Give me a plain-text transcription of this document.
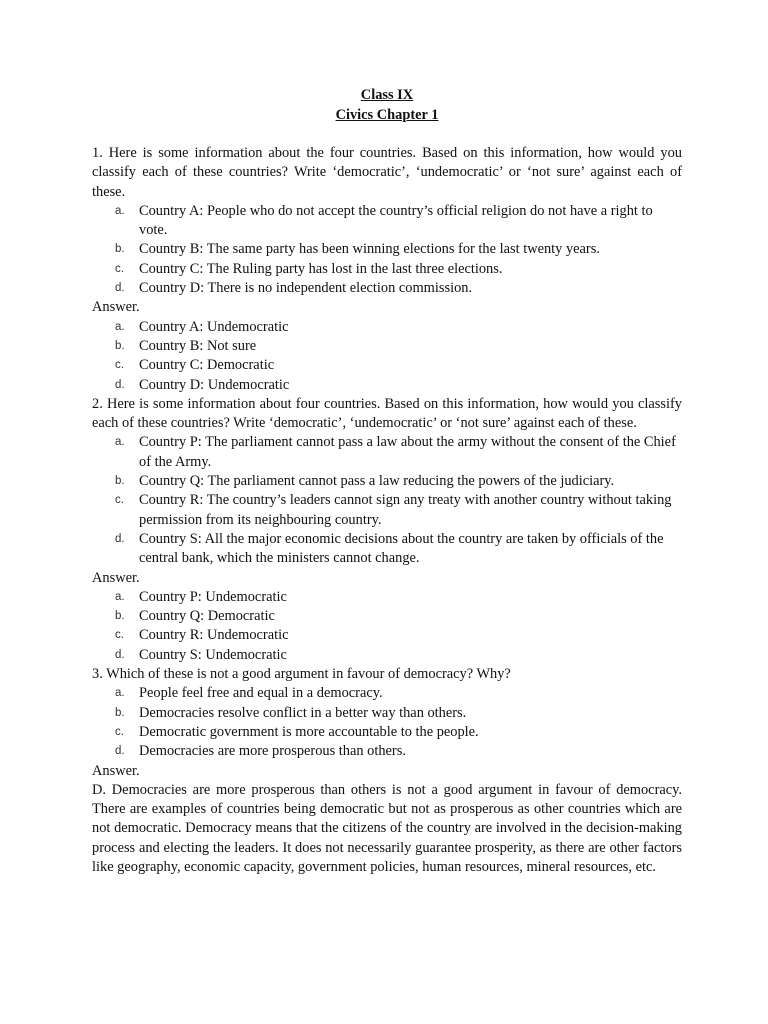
Class IX

Civics Chapter 1

1. Here is some information about the four countries. Based on this information, how would you classify each of these countries? Write ‘democratic’, ‘undemocratic’ or ‘not sure’ against each of these.

a. Country A: People who do not accept the country’s official religion do not have a right to vote.
b. Country B: The same party has been winning elections for the last twenty years.
c. Country C: The Ruling party has lost in the last three elections.
d. Country D: There is no independent election commission.

Answer.

a. Country A: Undemocratic
b. Country B: Not sure
c. Country C: Democratic
d. Country D: Undemocratic

2. Here is some information about four countries. Based on this information, how would you classify each of these countries? Write ‘democratic’, ‘undemocratic’ or ‘not sure’ against each of these.

a. Country P: The parliament cannot pass a law about the army without the consent of the Chief of the Army.
b. Country Q: The parliament cannot pass a law reducing the powers of the judiciary.
c. Country R: The country’s leaders cannot sign any treaty with another country without taking permission from its neighbouring country.
d. Country S: All the major economic decisions about the country are taken by officials of the central bank, which the ministers cannot change.

Answer.

a. Country P: Undemocratic
b. Country Q: Democratic
c. Country R: Undemocratic
d. Country S: Undemocratic

3. Which of these is not a good argument in favour of democracy? Why?

a. People feel free and equal in a democracy.
b. Democracies resolve conflict in a better way than others.
c. Democratic government is more accountable to the people.
d. Democracies are more prosperous than others.

Answer.

D. Democracies are more prosperous than others is not a good argument in favour of democracy. There are examples of countries being democratic but not as prosperous as other countries which are not democratic. Democracy means that the citizens of the country are involved in the decision-making process and electing the leaders. It does not necessarily guarantee prosperity, as there are other factors like geography, economic capacity, government policies, human resources, mineral resources, etc.
